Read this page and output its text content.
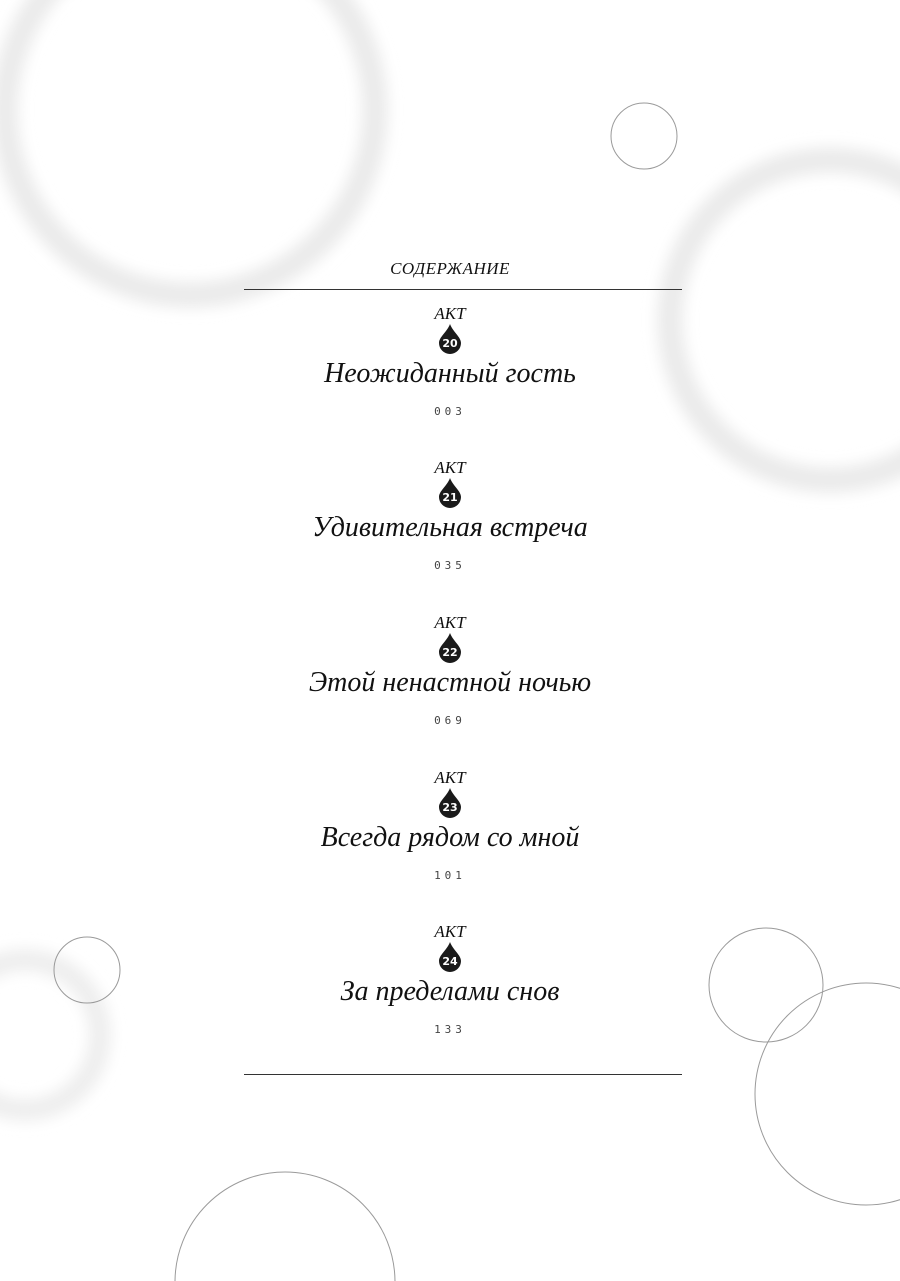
СОДЕРЖАНИЕ
АКТ
20
Неожиданный гость
003
АКТ
21
Удивительная встреча
035
АКТ
22
Этой ненастной ночью
069
АКТ
23
Всегда рядом со мной
101
АКТ
24
За пределами снов
133
